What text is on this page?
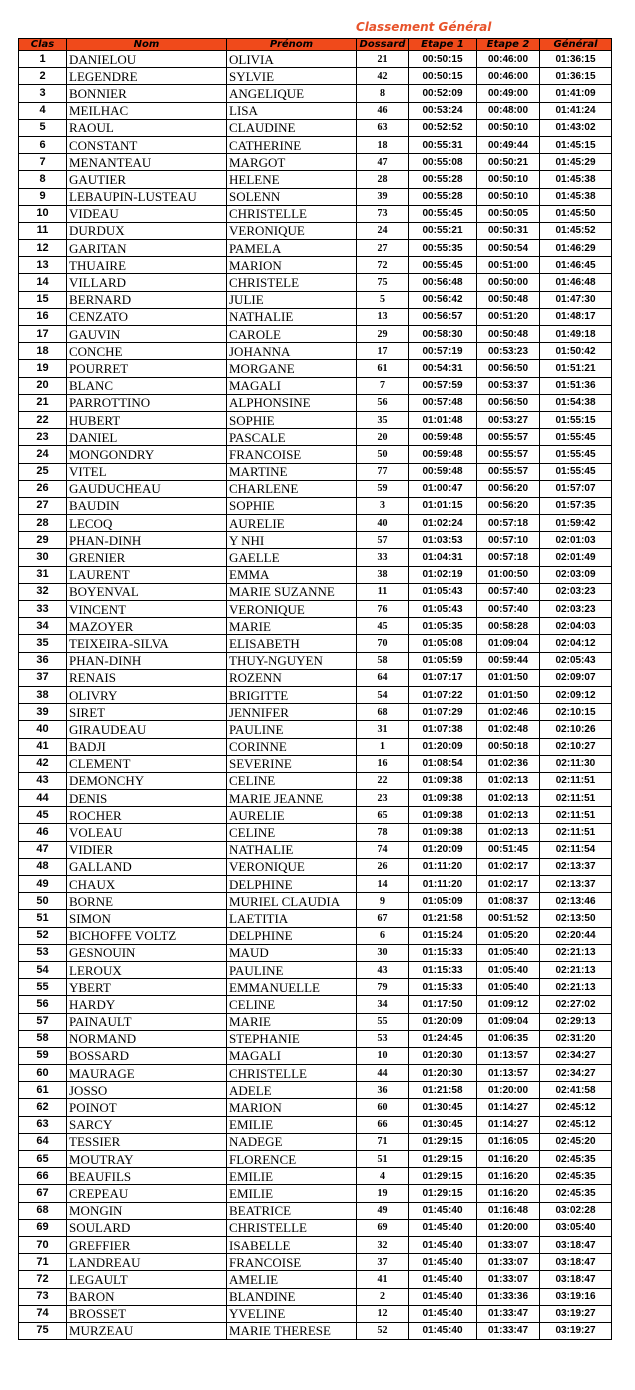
Classement Général
Clas	Nom	Prénom	Dossard	Etape 1	Etape 2	Général
1	DANIELOU	OLIVIA	21	00:50:15	00:46:00	01:36:15
2	LEGENDRE	SYLVIE	42	00:50:15	00:46:00	01:36:15
3	BONNIER	ANGELIQUE	8	00:52:09	00:49:00	01:41:09
4	MEILHAC	LISA	46	00:53:24	00:48:00	01:41:24
5	RAOUL	CLAUDINE	63	00:52:52	00:50:10	01:43:02
6	CONSTANT	CATHERINE	18	00:55:31	00:49:44	01:45:15
7	MENANTEAU	MARGOT	47	00:55:08	00:50:21	01:45:29
8	GAUTIER	HELENE	28	00:55:28	00:50:10	01:45:38
9	LEBAUPIN-LUSTEAU	SOLENN	39	00:55:28	00:50:10	01:45:38
10	VIDEAU	CHRISTELLE	73	00:55:45	00:50:05	01:45:50
11	DURDUX	VERONIQUE	24	00:55:21	00:50:31	01:45:52
12	GARITAN	PAMELA	27	00:55:35	00:50:54	01:46:29
13	THUAIRE	MARION	72	00:55:45	00:51:00	01:46:45
14	VILLARD	CHRISTELE	75	00:56:48	00:50:00	01:46:48
15	BERNARD	JULIE	5	00:56:42	00:50:48	01:47:30
16	CENZATO	NATHALIE	13	00:56:57	00:51:20	01:48:17
17	GAUVIN	CAROLE	29	00:58:30	00:50:48	01:49:18
18	CONCHE	JOHANNA	17	00:57:19	00:53:23	01:50:42
19	POURRET	MORGANE	61	00:54:31	00:56:50	01:51:21
20	BLANC	MAGALI	7	00:57:59	00:53:37	01:51:36
21	PARROTTINO	ALPHONSINE	56	00:57:48	00:56:50	01:54:38
22	HUBERT	SOPHIE	35	01:01:48	00:53:27	01:55:15
23	DANIEL	PASCALE	20	00:59:48	00:55:57	01:55:45
24	MONGONDRY	FRANCOISE	50	00:59:48	00:55:57	01:55:45
25	VITEL	MARTINE	77	00:59:48	00:55:57	01:55:45
26	GAUDUCHEAU	CHARLENE	59	01:00:47	00:56:20	01:57:07
27	BAUDIN	SOPHIE	3	01:01:15	00:56:20	01:57:35
28	LECOQ	AURELIE	40	01:02:24	00:57:18	01:59:42
29	PHAN-DINH	Y NHI	57	01:03:53	00:57:10	02:01:03
30	GRENIER	GAELLE	33	01:04:31	00:57:18	02:01:49
31	LAURENT	EMMA	38	01:02:19	01:00:50	02:03:09
32	BOYENVAL	MARIE SUZANNE	11	01:05:43	00:57:40	02:03:23
33	VINCENT	VERONIQUE	76	01:05:43	00:57:40	02:03:23
34	MAZOYER	MARIE	45	01:05:35	00:58:28	02:04:03
35	TEIXEIRA-SILVA	ELISABETH	70	01:05:08	01:09:04	02:04:12
36	PHAN-DINH	THUY-NGUYEN	58	01:05:59	00:59:44	02:05:43
37	RENAIS	ROZENN	64	01:07:17	01:01:50	02:09:07
38	OLIVRY	BRIGITTE	54	01:07:22	01:01:50	02:09:12
39	SIRET	JENNIFER	68	01:07:29	01:02:46	02:10:15
40	GIRAUDEAU	PAULINE	31	01:07:38	01:02:48	02:10:26
41	BADJI	CORINNE	1	01:20:09	00:50:18	02:10:27
42	CLEMENT	SEVERINE	16	01:08:54	01:02:36	02:11:30
43	DEMONCHY	CELINE	22	01:09:38	01:02:13	02:11:51
44	DENIS	MARIE JEANNE	23	01:09:38	01:02:13	02:11:51
45	ROCHER	AURELIE	65	01:09:38	01:02:13	02:11:51
46	VOLEAU	CELINE	78	01:09:38	01:02:13	02:11:51
47	VIDIER	NATHALIE	74	01:20:09	00:51:45	02:11:54
48	GALLAND	VERONIQUE	26	01:11:20	01:02:17	02:13:37
49	CHAUX	DELPHINE	14	01:11:20	01:02:17	02:13:37
50	BORNE	MURIEL CLAUDIA	9	01:05:09	01:08:37	02:13:46
51	SIMON	LAETITIA	67	01:21:58	00:51:52	02:13:50
52	BICHOFFE VOLTZ	DELPHINE	6	01:15:24	01:05:20	02:20:44
53	GESNOUIN	MAUD	30	01:15:33	01:05:40	02:21:13
54	LEROUX	PAULINE	43	01:15:33	01:05:40	02:21:13
55	YBERT	EMMANUELLE	79	01:15:33	01:05:40	02:21:13
56	HARDY	CELINE	34	01:17:50	01:09:12	02:27:02
57	PAINAULT	MARIE	55	01:20:09	01:09:04	02:29:13
58	NORMAND	STEPHANIE	53	01:24:45	01:06:35	02:31:20
59	BOSSARD	MAGALI	10	01:20:30	01:13:57	02:34:27
60	MAURAGE	CHRISTELLE	44	01:20:30	01:13:57	02:34:27
61	JOSSO	ADELE	36	01:21:58	01:20:00	02:41:58
62	POINOT	MARION	60	01:30:45	01:14:27	02:45:12
63	SARCY	EMILIE	66	01:30:45	01:14:27	02:45:12
64	TESSIER	NADEGE	71	01:29:15	01:16:05	02:45:20
65	MOUTRAY	FLORENCE	51	01:29:15	01:16:20	02:45:35
66	BEAUFILS	EMILIE	4	01:29:15	01:16:20	02:45:35
67	CREPEAU	EMILIE	19	01:29:15	01:16:20	02:45:35
68	MONGIN	BEATRICE	49	01:45:40	01:16:48	03:02:28
69	SOULARD	CHRISTELLE	69	01:45:40	01:20:00	03:05:40
70	GREFFIER	ISABELLE	32	01:45:40	01:33:07	03:18:47
71	LANDREAU	FRANCOISE	37	01:45:40	01:33:07	03:18:47
72	LEGAULT	AMELIE	41	01:45:40	01:33:07	03:18:47
73	BARON	BLANDINE	2	01:45:40	01:33:36	03:19:16
74	BROSSET	YVELINE	12	01:45:40	01:33:47	03:19:27
75	MURZEAU	MARIE THERESE	52	01:45:40	01:33:47	03:19:27
